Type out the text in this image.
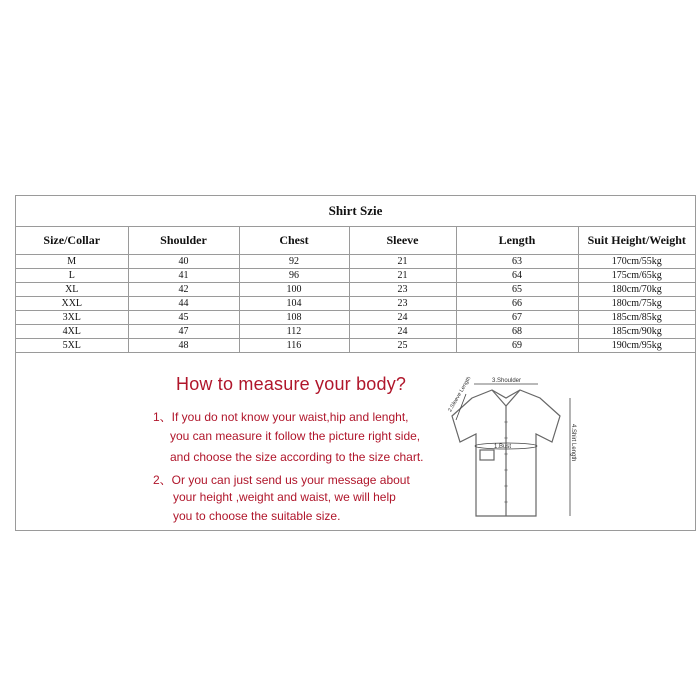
Shirt Szie
Size/Collar	Shoulder	Chest	Sleeve	Length	Suit Height/Weight
M	40	92	21	63	170cm/55kg
L	41	96	21	64	175cm/65kg
XL	42	100	23	65	180cm/70kg
XXL	44	104	23	66	180cm/75kg
3XL	45	108	24	67	185cm/85kg
4XL	47	112	24	68	185cm/90kg
5XL	48	116	25	69	190cm/95kg
How to measure your body?
1、If you do not know your waist,hip and lenght,
you can measure it follow the picture right side,
and choose the size according to the size chart.
2、Or you can just send us your message about
your height ,weight and waist, we will help
you to choose the suitable size.
3.Shoulder
2.Sleeve Length
1.Bust	4.Shirt Length
